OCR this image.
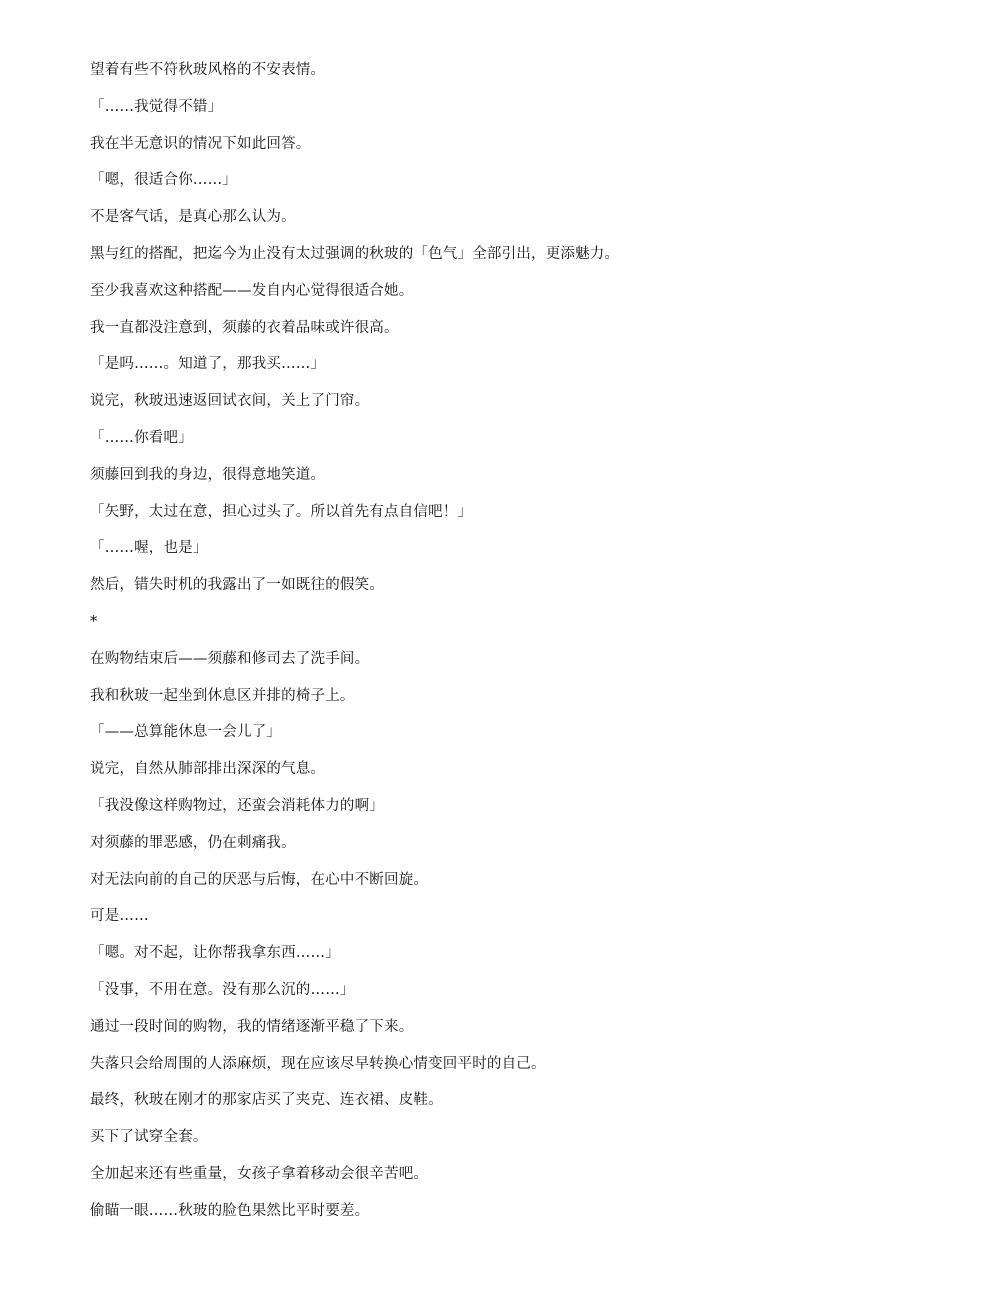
望着有些不符秋玻风格的不安表情。
「……我觉得不错」
我在半无意识的情况下如此回答。
「嗯，很适合你……」
不是客气话，是真心那么认为。
黑与红的搭配，把迄今为止没有太过强调的秋玻的「色气」全部引出，更添魅力。
至少我喜欢这种搭配——发自内心觉得很适合她。
我一直都没注意到，须藤的衣着品味或许很高。
「是吗……。知道了，那我买……」
说完，秋玻迅速返回试衣间，关上了门帘。
「……你看吧」
须藤回到我的身边，很得意地笑道。
「矢野，太过在意，担心过头了。所以首先有点自信吧！」
「……喔，也是」
然后，错失时机的我露出了一如既往的假笑。
*
在购物结束后——须藤和修司去了洗手间。
我和秋玻一起坐到休息区并排的椅子上。
「——总算能休息一会儿了」
说完，自然从肺部排出深深的气息。
「我没像这样购物过，还蛮会消耗体力的啊」
对须藤的罪恶感，仍在刺痛我。
对无法向前的自己的厌恶与后悔，在心中不断回旋。
可是……
「嗯。对不起，让你帮我拿东西……」
「没事，不用在意。没有那么沉的……」
通过一段时间的购物，我的情绪逐渐平稳了下来。
失落只会给周围的人添麻烦，现在应该尽早转换心情变回平时的自己。
最终，秋玻在刚才的那家店买了夹克、连衣裙、皮鞋。
买下了试穿全套。
全加起来还有些重量，女孩子拿着移动会很辛苦吧。
偷瞄一眼……秋玻的脸色果然比平时要差。
